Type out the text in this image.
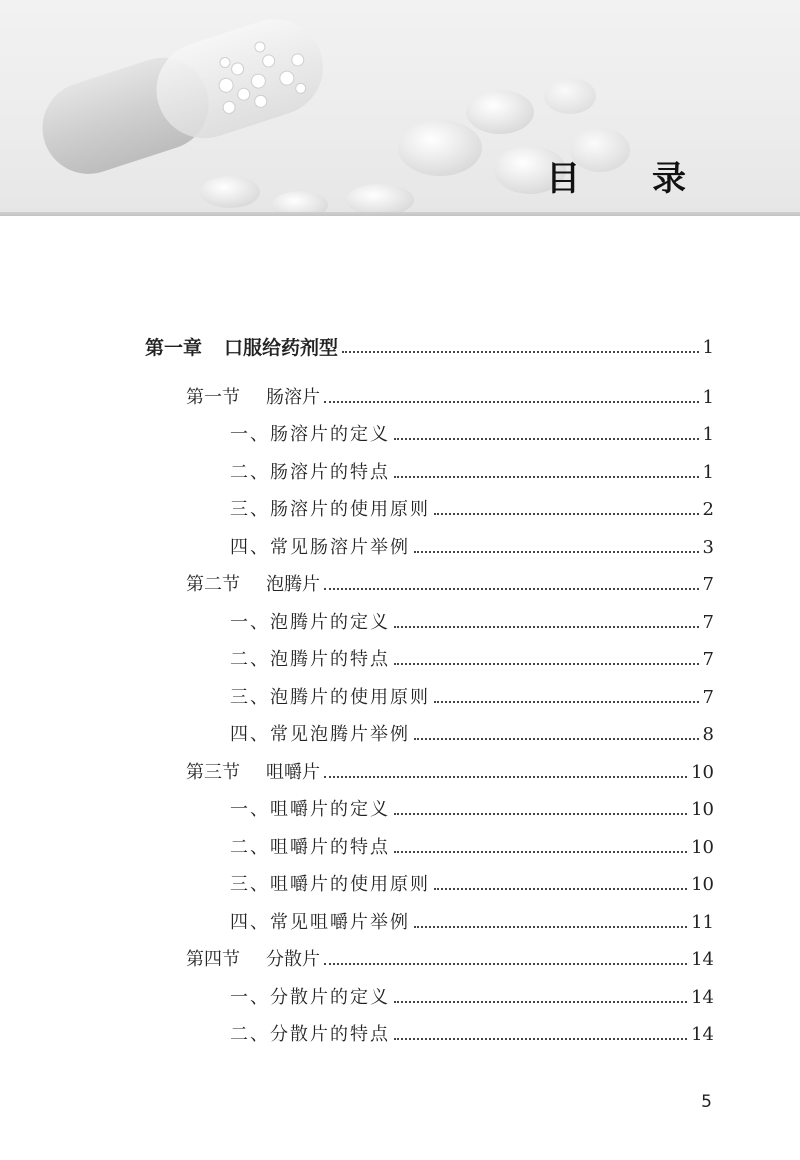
目 录
第一章 口服给药剂型	1
第一节 肠溶片	1
一、肠溶片的定义	1
二、肠溶片的特点	1
三、肠溶片的使用原则	2
四、常见肠溶片举例	3
第二节 泡腾片	7
一、泡腾片的定义	7
二、泡腾片的特点	7
三、泡腾片的使用原则	7
四、常见泡腾片举例	8
第三节 咀嚼片	10
一、咀嚼片的定义	10
二、咀嚼片的特点	10
三、咀嚼片的使用原则	10
四、常见咀嚼片举例	11
第四节 分散片	14
一、分散片的定义	14
二、分散片的特点	14
5
